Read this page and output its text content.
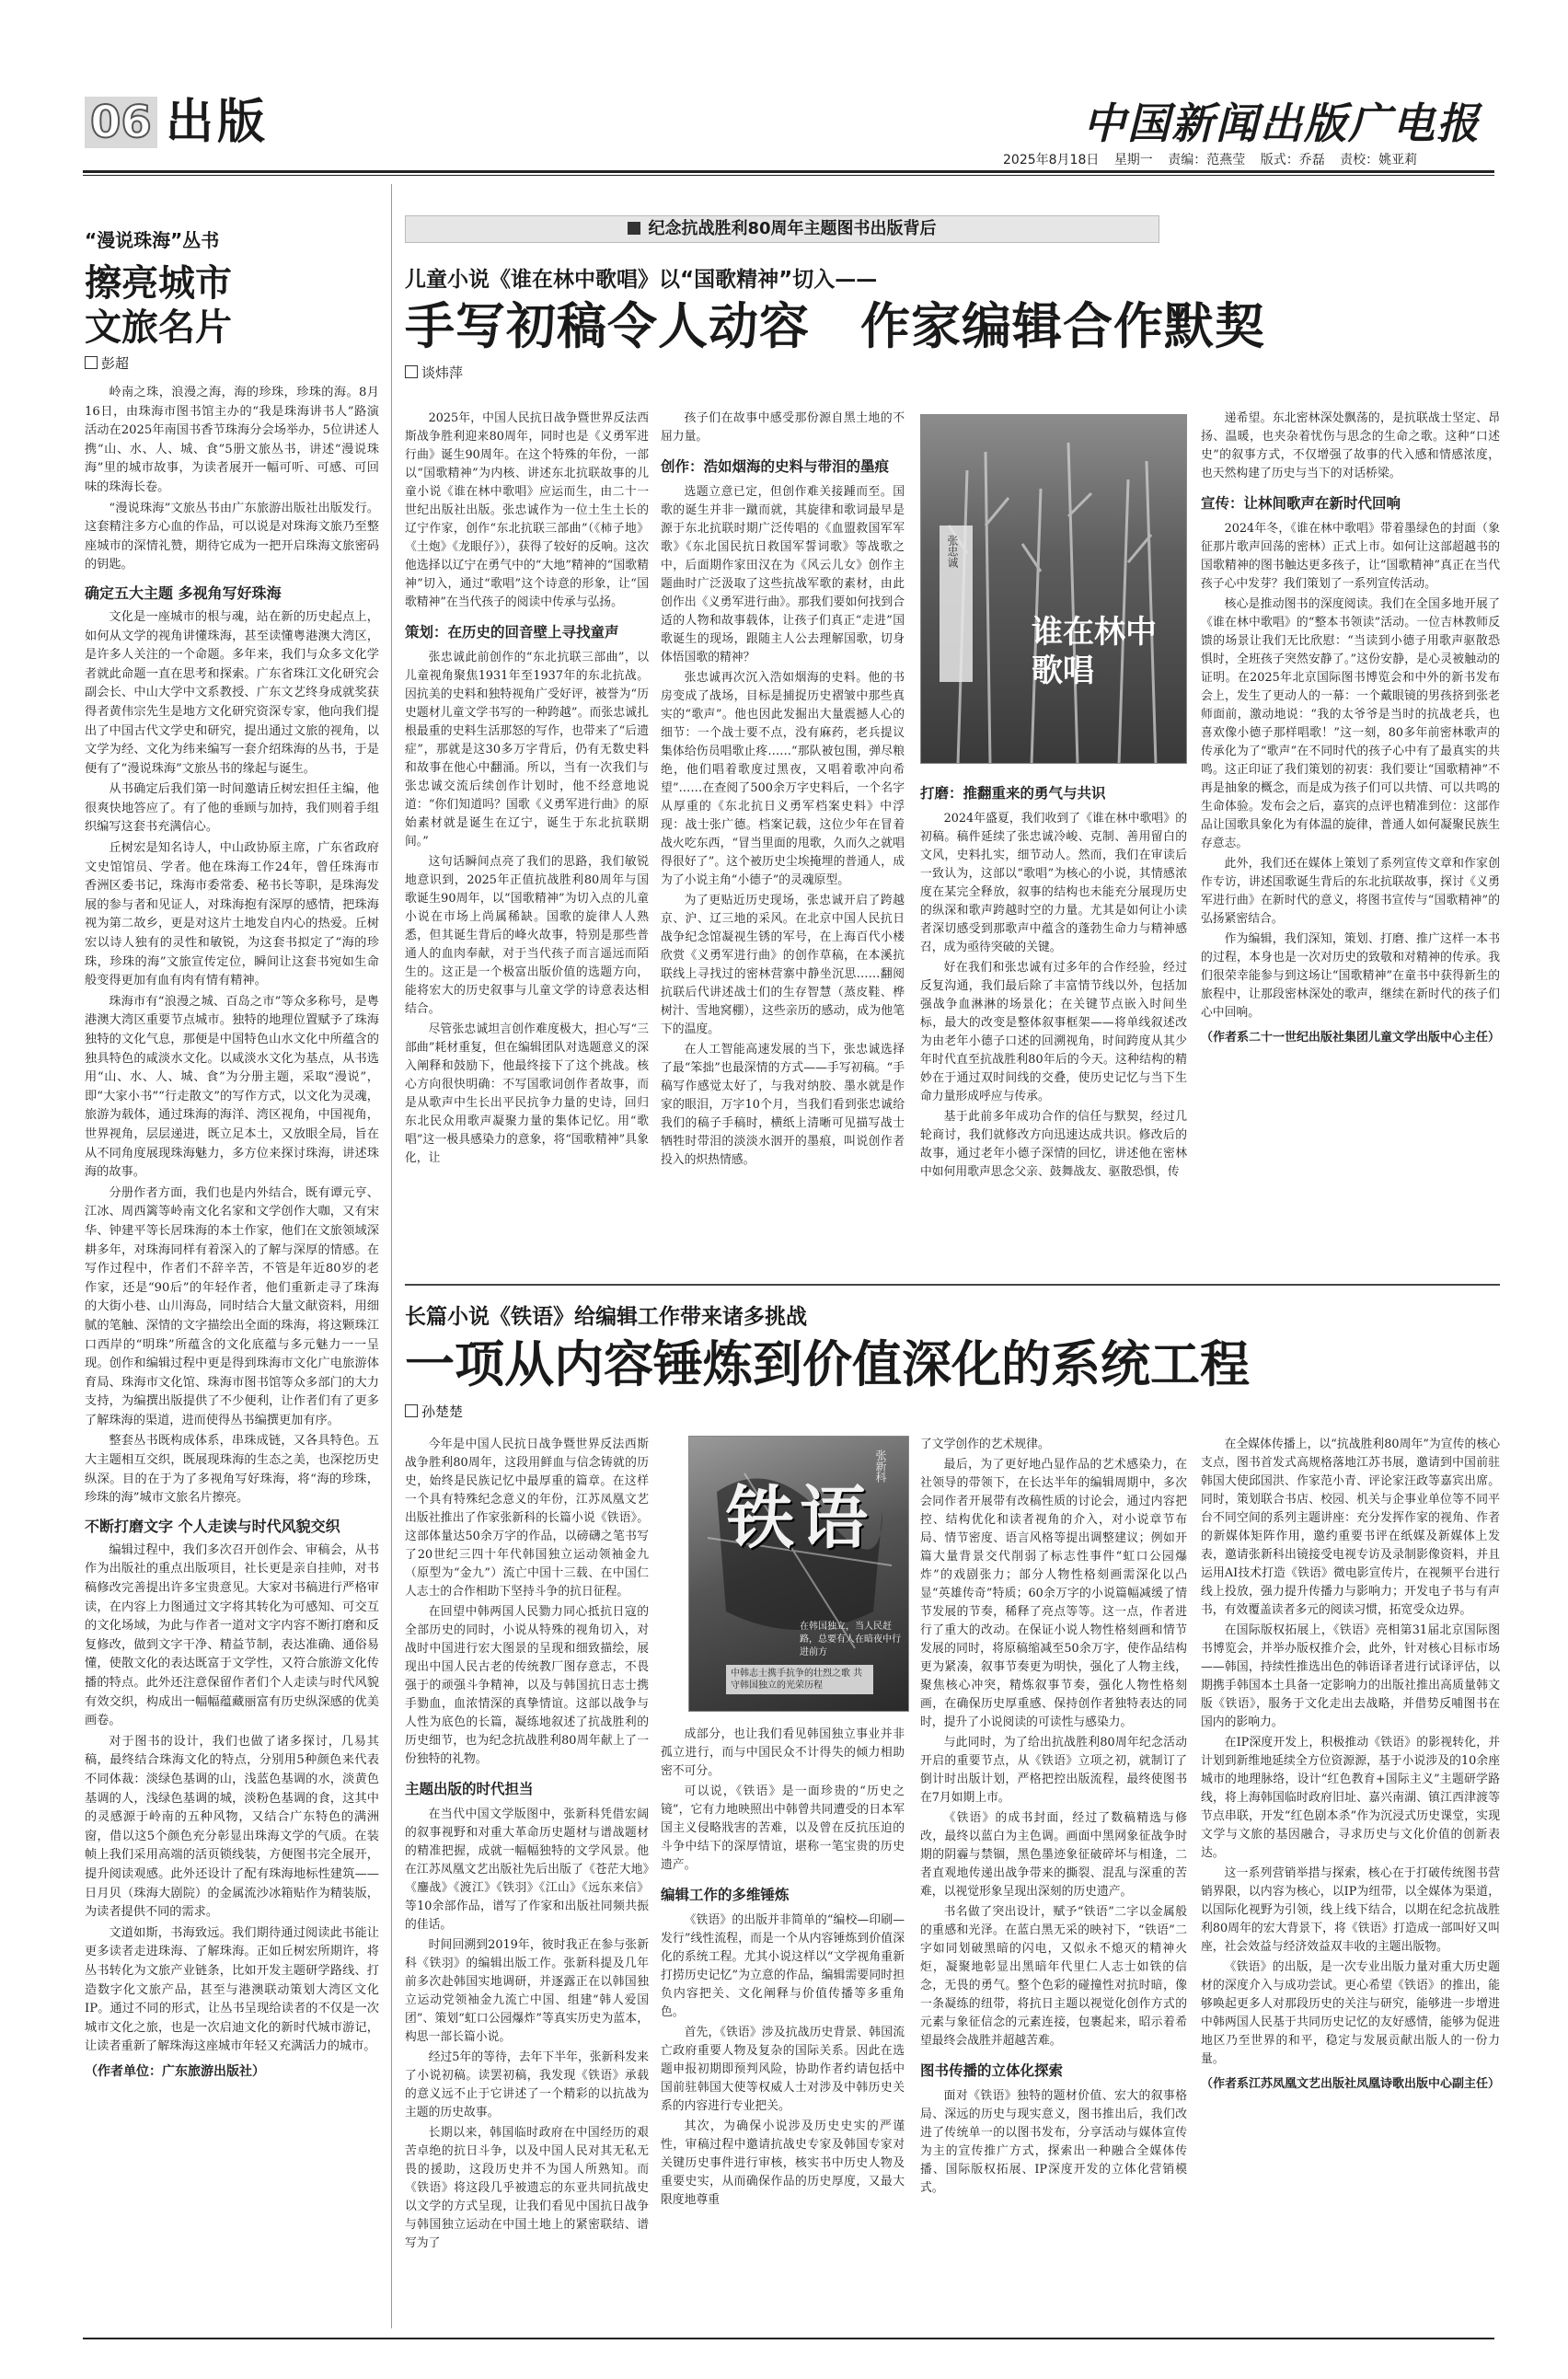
06 出版	中国新闻出版广电报
2025年8月18日 星期一 责编：范燕莹 版式：乔磊 责校：姚亚莉
纪念抗战胜利80周年主题图书出版背后
“漫说珠海”丛书
擦亮城市
文旅名片
彭超

岭南之珠，浪漫之海，海的珍珠，珍珠的海。8月16日，由珠海市图书馆主办的“我是珠海讲书人”路演活动在2025年南国书香节珠海分会场举办，5位讲述人携“山、水、人、城、食”5册文旅丛书，讲述“漫说珠海”里的城市故事，为读者展开一幅可听、可感、可回味的珠海长卷。

“漫说珠海”文旅丛书由广东旅游出版社出版发行。这套精注多方心血的作品，可以说是对珠海文旅乃至整座城市的深情礼赞，期待它成为一把开启珠海文旅密码的钥匙。

确定五大主题 多视角写好珠海

文化是一座城市的根与魂，站在新的历史起点上，如何从文学的视角讲懂珠海，甚至读懂粤港澳大湾区，是许多人关注的一个命题。多年来，我们与众多文化学者就此命题一直在思考和探索。广东省珠江文化研究会副会长、中山大学中文系教授、广东文艺终身成就奖获得者黄伟宗先生是地方文化研究资深专家，他向我们提出了中国古代文学史和研究，提出通过文旅的视角，以文学为经、文化为纬来编写一套介绍珠海的丛书，于是便有了“漫说珠海”文旅丛书的缘起与诞生。

从书确定后我们第一时间邀请丘树宏担任主编，他很爽快地答应了。有了他的垂顾与加持，我们则着手组织编写这套书充满信心。

丘树宏是知名诗人，中山政协原主席，广东省政府文史馆馆员、学者。他在珠海工作24年，曾任珠海市香洲区委书记，珠海市委常委、秘书长等职，是珠海发展的参与者和见证人，对珠海抱有深厚的感情，把珠海视为第二故乡，更是对这片土地发自内心的热爱。丘树宏以诗人独有的灵性和敏锐，为这套书拟定了“海的珍珠，珍珠的海”文旅宣传定位，瞬间让这套书宛如生命般变得更加有血有肉有情有精神。

珠海市有“浪漫之城、百岛之市”等众多称号，是粤港澳大湾区重要节点城市。独特的地理位置赋予了珠海独特的文化气息，那便是中国特色山水文化中所蕴含的独具特色的咸淡水文化。以咸淡水文化为基点，从书选用“山、水、人、城、食”为分册主题，采取“漫说”，即“大家小书”“行走散文”的写作方式，以文化为灵魂，旅游为载体，通过珠海的海洋、湾区视角，中国视角，世界视角，层层递进，既立足本土，又放眼全局，旨在从不同角度展现珠海魅力，多方位来探讨珠海，讲述珠海的故事。

分册作者方面，我们也是内外结合，既有谭元亨、江冰、周西篱等岭南文化名家和文学创作大咖，又有宋华、钟建平等长居珠海的本土作家，他们在文旅领域深耕多年，对珠海同样有着深入的了解与深厚的情感。在写作过程中，作者们不辞辛苦，不管是年近80岁的老作家，还是“90后”的年轻作者，他们重新走寻了珠海的大街小巷、山川海岛，同时结合大量文献资料，用细腻的笔触、深情的文字描绘出全面的珠海，将这颗珠江口西岸的“明珠”所蕴含的文化底蕴与多元魅力一一呈现。创作和编辑过程中更是得到珠海市文化广电旅游体育局、珠海市文化馆、珠海市图书馆等众多部门的大力支持，为编撰出版提供了不少便利，让作者们有了更多了解珠海的渠道，进而使得丛书编撰更加有序。

整套丛书既构成体系，串珠成链，又各具特色。五大主题相互交织，既展现珠海的生态之美，也深挖历史纵深。目的在于为了多视角写好珠海，将“海的珍珠，珍珠的海”城市文旅名片擦亮。

不断打磨文字 个人走读与时代风貌交织

编辑过程中，我们多次召开创作会、审稿会，从书作为出版社的重点出版项目，社长更是亲自挂帅，对书稿修改完善提出许多宝贵意见。大家对书稿进行严格审读，在内容上力图通过文字将其转化为可感知、可交互的文化场域，为此与作者一道对文字内容不断打磨和反复修改，做到文字干净、精益节制，表达准确、通俗易懂，使散文化的表达既富于文学性，又符合旅游文化传播的特点。此外还注意保留作者们个人走读与时代风貌有效交织，构成出一幅幅蕴藏丽富有历史纵深感的优美画卷。

对于图书的设计，我们也做了诸多探讨，几易其稿，最终结合珠海文化的特点，分别用5种颜色来代表不同体裁：淡绿色基调的山，浅蓝色基调的水，淡黄色基调的人，浅绿色基调的城，淡粉色基调的食，这其中的灵感源于岭南的五种风物，又结合广东特色的满洲窗，借以这5个颜色充分彰显出珠海文学的气质。在装帧上我们采用高端的活页锁线装，方便图书完全展开，提升阅读观感。此外还设计了配有珠海地标性建筑——日月贝（珠海大剧院）的金属流沙冰箱贴作为精装版，为读者提供不同的需求。

文道如斯，书海致远。我们期待通过阅读此书能让更多读者走进珠海、了解珠海。正如丘树宏所期许，将丛书转化为文旅产业链条，比如开发主题研学路线、打造数字化文旅产品，甚至与港澳联动策划大湾区文化IP。通过不同的形式，让丛书呈现给读者的不仅是一次城市文化之旅，也是一次启迪文化的新时代城市游记，让读者重新了解珠海这座城市年轻又充满活力的城市。

（作者单位：广东旅游出版社）
儿童小说《谁在林中歌唱》以“国歌精神”切入——
手写初稿令人动容　作家编辑合作默契
谈炜萍

2025年，中国人民抗日战争暨世界反法西斯战争胜利迎来80周年，同时也是《义勇军进行曲》诞生90周年。在这个特殊的年份，一部以“国歌精神”为内核、讲述东北抗联故事的儿童小说《谁在林中歌唱》应运而生，由二十一世纪出版社出版。张忠诚作为一位土生土长的辽宁作家，创作“东北抗联三部曲”（《柿子地》《土炮》《龙眼仔》），获得了较好的反响。这次他选择以辽宁在勇气中的“大地”精神的“国歌精神”切入，通过“歌唱”这个诗意的形象，让“国歌精神”在当代孩子的阅读中传承与弘扬。

策划：在历史的回音壁上寻找童声

张忠诚此前创作的“东北抗联三部曲”，以儿童视角聚焦1931年至1937年的东北抗战。因抗美的史料和独特视角广受好评，被誉为“历史题材儿童文学书写的一种跨越”。而张忠诚扎根最重的史料生活那怒的写作，也带来了“后遗症”，那就是这30多万字背后，仍有无数史料和故事在他心中翻涌。所以，当有一次我们与张忠诚交流后续创作计划时，他不经意地说道：“你们知道吗？国歌《义勇军进行曲》的原始素材就是诞生在辽宁，诞生于东北抗联期间。”

这句话瞬间点亮了我们的思路，我们敏锐地意识到，2025年正值抗战胜利80周年与国歌诞生90周年，以“国歌精神”为切入点的儿童小说在市场上尚属稀缺。国歌的旋律人人熟悉，但其诞生背后的峰火故事，特别是那些普通人的血肉奉献，对于当代孩子而言遥远而陌生的。这正是一个极富出版价值的选题方向，能将宏大的历史叙事与儿童文学的诗意表达相结合。

尽管张忠诚坦言创作难度极大，担心写“三部曲”耗材重复，但在编辑团队对选题意义的深入阐释和鼓励下，他最终接下了这个挑战。核心方向很快明确：不写国歌词创作者故事，而是从歌声中生长出平民抗争力量的史诗，回归东北民众用歌声凝聚力量的集体记忆。用“歌唱”这一极具感染力的意象，将“国歌精神”具象化，让

孩子们在故事中感受那份源自黑土地的不屈力量。

创作：浩如烟海的史料与带泪的墨痕

选题立意已定，但创作难关接踵而至。国歌的诞生并非一蹴而就，其旋律和歌词最早是源于东北抗联时期广泛传唱的《血盟救国军军歌》《东北国民抗日救国军誓词歌》等战歌之中，后面期作家田汉在为《风云儿女》创作主题曲时广泛汲取了这些抗战军歌的素材，由此创作出《义勇军进行曲》。那我们要如何找到合适的人物和故事载体，让孩子们真正“走进”国歌诞生的现场，跟随主人公去理解国歌，切身体悟国歌的精神？

张忠诚再次沉入浩如烟海的史料。他的书房变成了战场，目标是捕捉历史褶皱中那些真实的“歌声”。他也因此发掘出大量震撼人心的细节：一个战士要不点，没有麻药，老兵提议集体给伤员唱歌止疼……“那队被包围，弹尽粮绝，他们唱着歌度过黑夜，又唱着歌冲向希望”……在查阅了500余万字史料后，一个名字从厚重的《东北抗日义勇军档案史料》中浮现：战士张广德。档案记载，这位少年在冒着战火吃东西，“冒当里面的甩歌，久而久之就唱得很好了”。这个被历史尘埃掩埋的普通人，成为了小说主角“小德子”的灵魂原型。

为了更贴近历史现场，张忠诚开启了跨越京、沪、辽三地的采风。在北京中国人民抗日战争纪念馆凝视生锈的军号，在上海百代小楼欣赏《义勇军进行曲》的创作草稿，在本溪抗联线上寻找过的密林营寨中静坐沉思……翻阅抗联后代讲述战士们的生存智慧（蒸皮鞋、桦树汁、雪地窝棚），这些亲历的感动，成为他笔下的温度。

在人工智能高速发展的当下，张忠诚选择了最“笨拙”也最深情的方式——手写初稿。“手稿写作感觉太好了，与我对纳胶、墨水就是作家的眼泪，万字10个月，当我们看到张忠诚给我们的稿子手稿时，横纸上清晰可见描写战士牺牲时带泪的淡淡水洇开的墨痕，叫说创作者投入的炽热情感。

谁在林中歌唱
张忠诚
打磨：推翻重来的勇气与共识

2024年盛夏，我们收到了《谁在林中歌唱》的初稿。稿件延续了张忠诚冷峻、克制、善用留白的文风，史料扎实，细节动人。然而，我们在审读后一致认为，这部以“歌唱”为核心的小说，其情感浓度在某完全释放，叙事的结构也未能充分展现历史的纵深和歌声跨越时空的力量。尤其是如何让小读者深切感受到那歌声中蕴含的蓬勃生命力与精神感召，成为亟待突破的关键。

好在我们和张忠诚有过多年的合作经验，经过反复沟通，我们最后除了丰富情节线以外，包括加强战争血淋淋的场景化；在关键节点嵌入时间坐标，最大的改变是整体叙事框架——将单线叙述改为由老年小德子口述的回溯视角，时间跨度从其少年时代直至抗战胜利80年后的今天。这种结构的精妙在于通过双时间线的交叠，使历史记忆与当下生命力量形成呼应与传承。

基于此前多年成功合作的信任与默契，经过几轮商讨，我们就修改方向迅速达成共识。修改后的故事，通过老年小德子深情的回忆，讲述他在密林中如何用歌声思念父亲、鼓舞战友、驱散恐惧，传

递希望。东北密林深处飘荡的，是抗联战士坚定、昂扬、温暖，也夹杂着忧伤与思念的生命之歌。这种“口述史”的叙事方式，不仅增强了故事的代入感和情感浓度，也天然构建了历史与当下的对话桥梁。

宣传：让林间歌声在新时代回响

2024年冬，《谁在林中歌唱》带着墨绿色的封面（象征那片歌声回荡的密林）正式上市。如何让这部超越书的国歌精神的图书触达更多孩子，让“国歌精神”真正在当代孩子心中发芽？我们策划了一系列宣传活动。

核心是推动图书的深度阅读。我们在全国多地开展了《谁在林中歌唱》的“整本书领读”活动。一位吉林教师反馈的场景让我们无比欣慰：“当读到小德子用歌声驱散恐惧时，全班孩子突然安静了。”这份安静，是心灵被触动的证明。在2025年北京国际图书博览会和中外的新书发布会上，发生了更动人的一幕：一个戴眼镜的男孩挤到张老师面前，激动地说：“我的太爷爷是当时的抗战老兵，也喜欢像小德子那样唱歌！”这一刻，80多年前密林歌声的传承化为了“歌声”在不同时代的孩子心中有了最真实的共鸣。这正印证了我们策划的初衷：我们要让“国歌精神”不再是抽象的概念，而是成为孩子们可以共情、可以共鸣的生命体验。发布会之后，嘉宾的点评也精准到位：这部作品让国歌具象化为有体温的旋律，普通人如何凝聚民族生存意志。

此外，我们还在媒体上策划了系列宣传文章和作家创作专访，讲述国歌诞生背后的东北抗联故事，探讨《义勇军进行曲》在新时代的意义，将图书宣传与“国歌精神”的弘扬紧密结合。

作为编辑，我们深知，策划、打磨、推广这样一本书的过程，本身也是一次对历史的致敬和对精神的传承。我们很荣幸能参与到这场让“国歌精神”在童书中获得新生的旅程中，让那段密林深处的歌声，继续在新时代的孩子们心中回响。

（作者系二十一世纪出版社集团儿童文学出版中心主任）
长篇小说《铁语》给编辑工作带来诸多挑战
一项从内容锤炼到价值深化的系统工程
孙楚楚

今年是中国人民抗日战争暨世界反法西斯战争胜利80周年，这段用鲜血与信念铸就的历史，始终是民族记忆中最厚重的篇章。在这样一个具有特殊纪念意义的年份，江苏凤凰文艺出版社推出了作家张新科的长篇小说《铁语》。这部体量达50余万字的作品，以磅礴之笔书写了20世纪三四十年代韩国独立运动领袖金九（原型为“金九”）流亡中国十三载、在中国仁人志士的合作相助下坚持斗争的抗日征程。

在回望中韩两国人民勠力同心抵抗日寇的全部历史的同时，小说从特殊的视角切入，对战时中国进行宏大图景的呈现和细致描绘，展现出中国人民古老的传统教厂图存意志，不畏强于的顽强斗争精神，以及与韩国抗日志士携手勠血，血浓情深的真挚情谊。这部以战争与人性为底色的长篇，凝练地叙述了抗战胜利的历史细节，也为纪念抗战胜利80周年献上了一份独特的礼物。

主题出版的时代担当

在当代中国文学版图中，张新科凭借宏阔的叙事视野和对重大革命历史题材与谱战题材的精准把握，成就一幅幅独特的文学风景。他在江苏凤凰文艺出版社先后出版了《苍茫大地》《鏖战》《渡江》《铁羽》《江山》《远东来信》等10余部作品，谱写了作家和出版社同频共振的佳话。

时间回溯到2019年，彼时我正在参与张新科《铁羽》的编辑出版工作。张新科提及几年前多次赴韩国实地调研，并逐露正在以韩国独立运动党领袖金九流亡中国、组建“韩人爱国团”、策划“虹口公园爆炸”等真实历史为蓝本，构思一部长篇小说。

经过5年的等待，去年下半年，张新科发来了小说初稿。读罢初稿，我发现《铁语》承载的意义远不止于它讲述了一个精彩的以抗战为主题的历史故事。

长期以来，韩国临时政府在中国经历的艰苦卓绝的抗日斗争，以及中国人民对其无私无畏的援助，这段历史并不为国人所熟知。而《铁语》将这段几乎被遗忘的东亚共同抗战史以文学的方式呈现，让我们看见中国抗日战争与韩国独立运动在中国土地上的紧密联结、谱写为了

铁语
张新科
在韩国独立，当人民赶路，总要有人在暗夜中行进前方
中韩志士携手抗争的壮烈之歌 共守韩国独立的光荣历程

成部分，也让我们看见韩国独立事业并非孤立进行，而与中国民众不计得失的倾力相助密不可分。

可以说，《铁语》是一面珍贵的“历史之镜”，它有力地映照出中韩曾共同遭受的日本军国主义侵略戕害的苦难，以及曾在反抗压迫的斗争中结下的深厚情谊，堪称一笔宝贵的历史遗产。

编辑工作的多维锤炼

《铁语》的出版并非简单的“编校—印刷—发行”线性流程，而是一个从内容锤炼到价值深化的系统工程。尤其小说这样以“文学视角重新打捞历史记忆”为立意的作品，编辑需要同时担负内容把关、文化阐释与价值传播等多重角色。

首先，《铁语》涉及抗战历史背景、韩国流亡政府重要人物及复杂的国际关系。因此在选题申报初期即预判风险，协助作者约请包括中国前驻韩国大使等权威人士对涉及中韩历史关系的内容进行专业把关。

其次，为确保小说涉及历史史实的严谨性，审稿过程中邀请抗战史专家及韩国专家对关键历史事件进行审核，核实书中历史人物及重要史实，从而确保作品的历史厚度，又最大限度地尊重

了文学创作的艺术规律。

最后，为了更好地凸显作品的艺术感染力，在社领导的带领下，在长达半年的编辑周期中，多次会同作者开展带有改稿性质的讨论会，通过内容把控、结构优化和读者视角的介入，对小说章节布局、情节密度、语言风格等提出调整建议；例如开篇大量背景交代削弱了标志性事件“虹口公园爆炸”的戏剧张力；部分人物性格刻画需深化以凸显“英雄传奇”特质；60余万字的小说篇幅减缓了情节发展的节奏，稀释了亮点等等。这一点，作者进行了重大的改动。在保证小说人物性格刻画和情节发展的同时，将原稿缩减至50余万字，使作品结构更为紧凑，叙事节奏更为明快，强化了人物主线，聚焦核心冲突，精炼叙事节奏，强化人物性格刻画，在确保历史厚重感、保持创作者独特表达的同时，提升了小说阅读的可读性与感染力。

与此同时，为了给出抗战胜利80周年纪念活动开启的重要节点，从《铁语》立项之初，就制订了倒计时出版计划，严格把控出版流程，最终使图书在7月如期上市。

《铁语》的成书封面，经过了数稿精选与修改，最终以蓝白为主色调。画面中黑网象征战争时期的阴霾与禁锢，黑色墨迹象征破碎坏与相逢，二者直观地传递出战争带来的撕裂、混乱与深重的苦难，以视觉形象呈现出深刻的历史遗产。

书名做了突出设计，赋予“铁语”二字以金属般的重感和光泽。在蓝白黑无采的映衬下，“铁语”二字如同划破黑暗的闪电，又似永不熄灭的精神火炬，凝聚地彰显出黑暗年代里仁人志士如铁的信念，无畏的勇气。整个色彩的碰撞性对抗时暗，像一条凝练的纽带，将抗日主题以视觉化创作方式的元素与象征信念的元素连接，包裹起来，昭示着希望最终会战胜并超越苦难。

图书传播的立体化探索

面对《铁语》独特的题材价值、宏大的叙事格局、深远的历史与现实意义，图书推出后，我们改进了传统单一的以图书发布，分享活动与媒体宣传为主的宣传推广方式，探索出一种融合全媒体传播、国际版权拓展、IP深度开发的立体化营销模式。

在全媒体传播上，以“抗战胜利80周年”为宣传的核心支点，图书首发式高规格落地江苏书展，邀请到中国前驻韩国大使邱国洪、作家范小青、评论家汪政等嘉宾出席。同时，策划联合书店、校园、机关与企事业单位等不同平台不同空间的系列主题讲座：充分发挥作家的视角、作者的新媒体矩阵作用，邀约重要书评在纸媒及新媒体上发表，邀请张新科出镜接受电视专访及录制影像资料，并且运用AI技术打造《铁语》微电影宣传片，在视频平台进行线上投放，强力提升传播力与影响力；开发电子书与有声书，有效覆盖读者多元的阅读习惯，拓宽受众边界。

在国际版权拓展上，《铁语》亮相第31届北京国际图书博览会，并举办版权推介会，此外，针对核心目标市场——韩国，持续性推选出色的韩语译者进行试译评估，以期携手韩国本土具备一定影响力的出版社推出高质量韩文版《铁语》，服务于文化走出去战略，并借势反哺图书在国内的影响力。

在IP深度开发上，积极推动《铁语》的影视转化，并计划到新维地延续全方位资源源，基于小说涉及的10余座城市的地理脉络，设计“红色教育+国际主义”主题研学路线，将上海韩国临时政府旧址、嘉兴南湖、镇江西津渡等节点串联，开发“红色剧本杀”作为沉浸式历史课堂，实现文学与文旅的基因融合，寻求历史与文化价值的创新表达。

这一系列营销举措与探索，核心在于打破传统图书营销界限，以内容为核心，以IP为纽带，以全媒体为渠道，以国际化视野为引领，线上线下结合，以期在纪念抗战胜利80周年的宏大背景下，将《铁语》打造成一部叫好又叫座，社会效益与经济效益双丰收的主题出版物。

《铁语》的出版，是一次专业出版力量对重大历史题材的深度介入与成功尝试。更心希望《铁语》的推出，能够唤起更多人对那段历史的关注与研究，能够进一步增进中韩两国人民基于共同历史记忆的友好感情，能够为促进地区乃至世界的和平，稳定与发展贡献出版人的一份力量。

（作者系江苏凤凰文艺出版社凤凰诗歌出版中心副主任）
